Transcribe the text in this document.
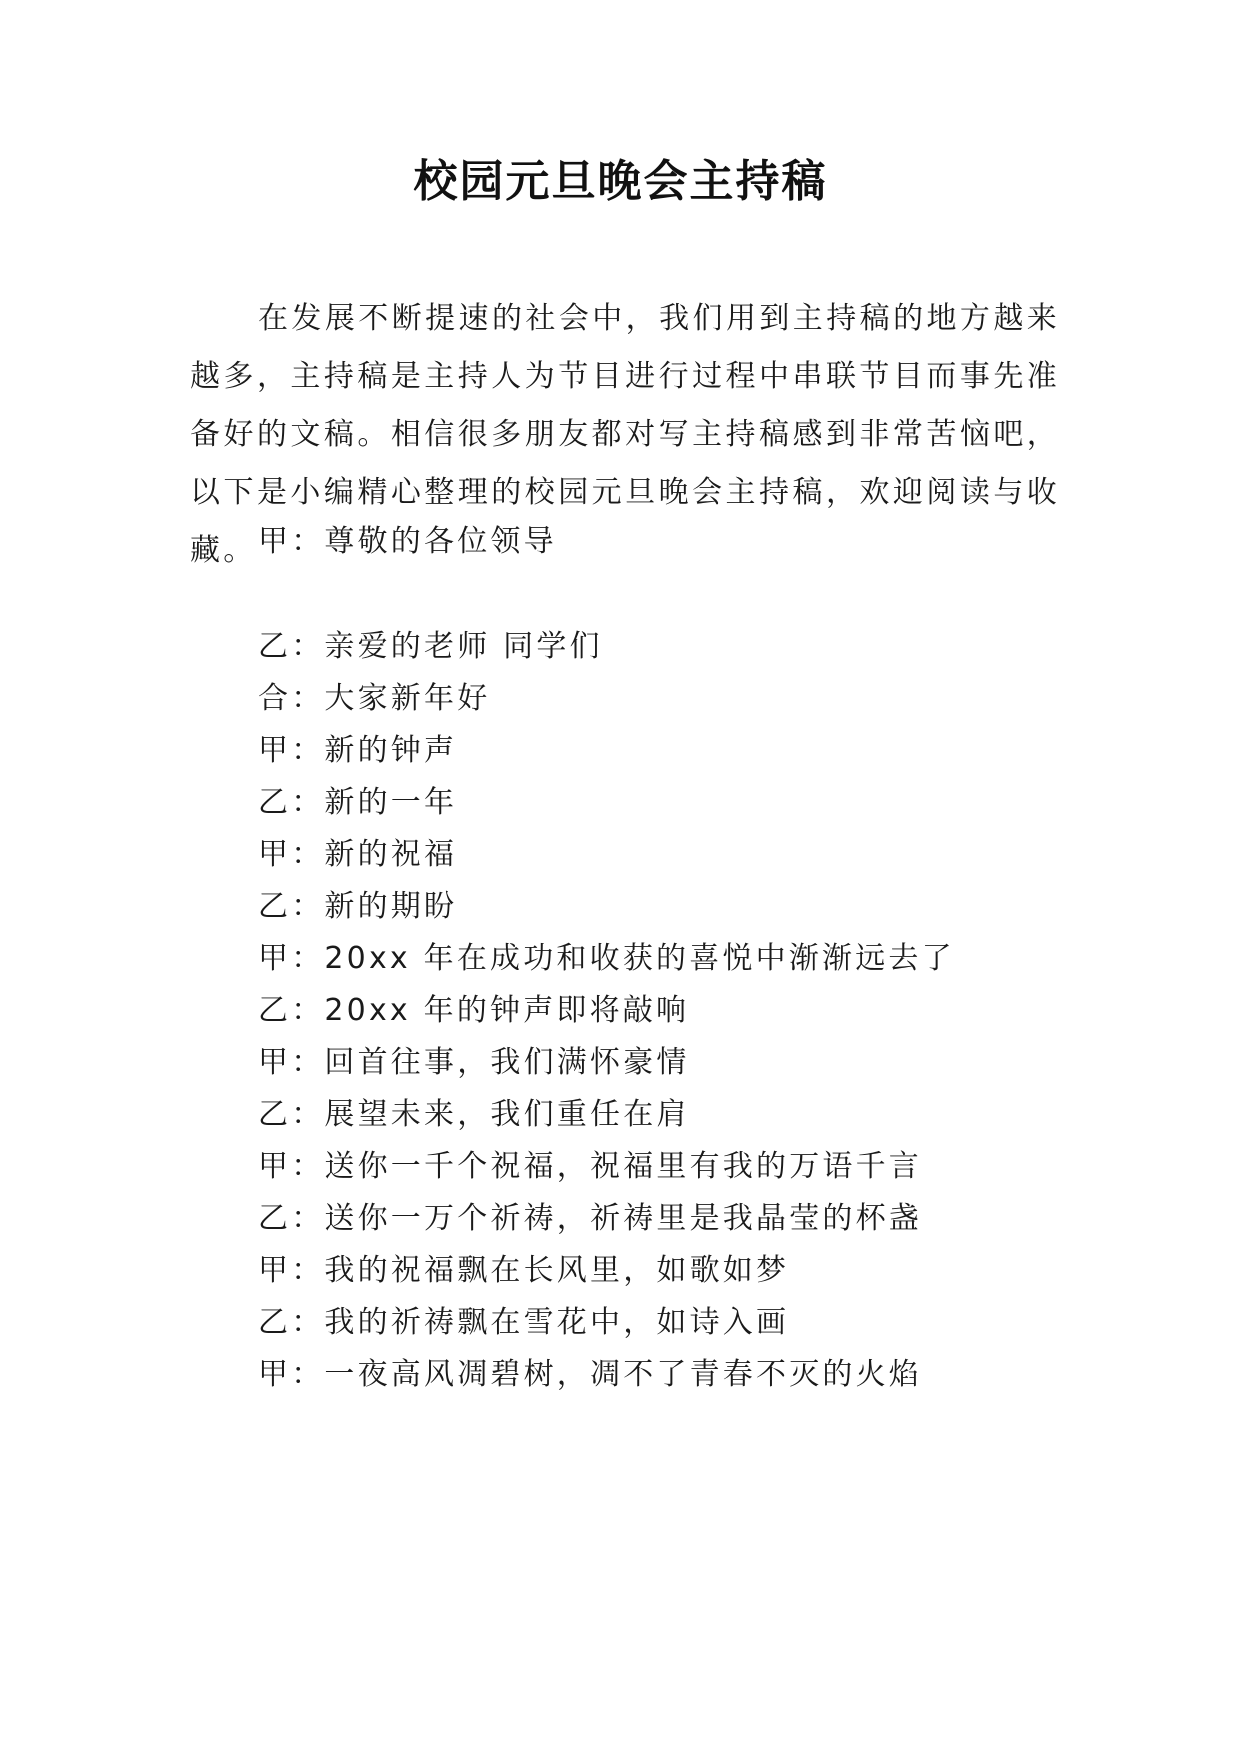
校园元旦晚会主持稿

在发展不断提速的社会中，我们用到主持稿的地方越来越多，主持稿是主持人为节目进行过程中串联节目而事先准备好的文稿。相信很多朋友都对写主持稿感到非常苦恼吧，以下是小编精心整理的校园元旦晚会主持稿，欢迎阅读与收藏。 甲：尊敬的各位领导
乙：亲爱的老师 同学们
合：大家新年好
甲：新的钟声
乙：新的一年
甲：新的祝福
乙：新的期盼
甲：20xx 年在成功和收获的喜悦中渐渐远去了
乙：20xx 年的钟声即将敲响
甲：回首往事，我们满怀豪情
乙：展望未来，我们重任在肩
甲：送你一千个祝福，祝福里有我的万语千言
乙：送你一万个祈祷，祈祷里是我晶莹的杯盏
甲：我的祝福飘在长风里，如歌如梦
乙：我的祈祷飘在雪花中，如诗入画
甲：一夜高风凋碧树，凋不了青春不灭的火焰
